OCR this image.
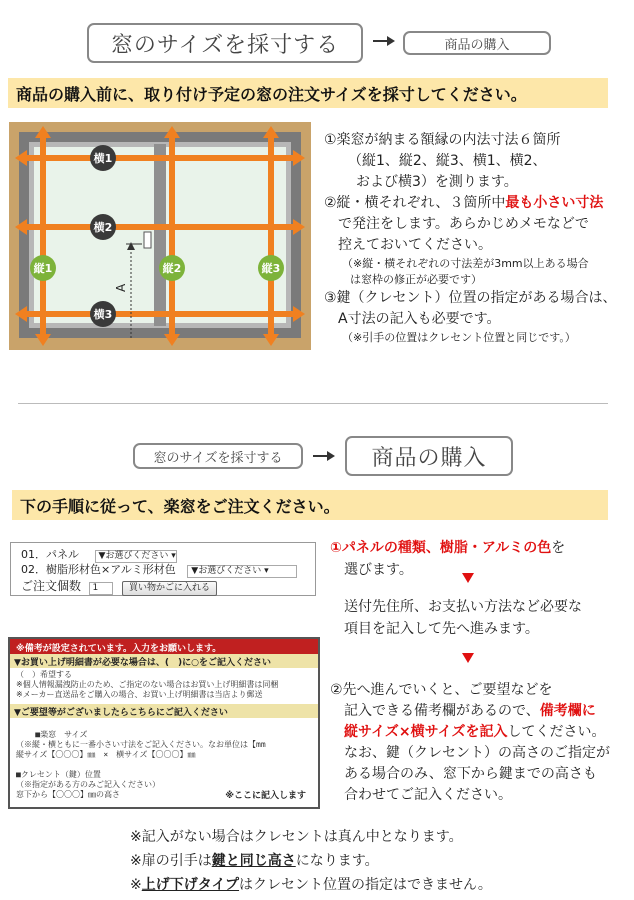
窓のサイズを採寸する	商品の購入
商品の購入前に、取り付け予定の窓の注文サイズを採寸してください。
A
横1
横2
横3
縦1	縦2	縦3
①楽窓が納まる額縁の内法寸法６箇所
（縦1、縦2、縦3、横1、横2、
および横3）を測ります。
②縦・横それぞれ、３箇所中最も小さい寸法
で発注をします。あらかじめメモなどで
控えておいてください。
（※縦・横それぞれの寸法差が3mm以上ある場合
は窓枠の修正が必要です）
③鍵（クレセント）位置の指定がある場合は、
A寸法の記入も必要です。
（※引手の位置はクレセント位置と同じです。）
窓のサイズを採寸する	商品の購入
下の手順に従って、楽窓をご注文ください。
01．パネル ▼お選びください ▾
02．樹脂形材色×アルミ形材色 ▼お選びください ▾
ご注文個数 1	買い物かごに入れる
※備考が設定されています。入力をお願いします。
▼お買い上げ明細書が必要な場合は、(　)に○をご記入ください
（　）希望する
※個人情報漏洩防止のため、ご指定のない場合はお買い上げ明細書は同梱
※メーカー直送品をご購入の場合、お買い上げ明細書は当店より郵送
▼ご要望等がございましたらこちらにご記入ください

■楽窓　サイズ
（※縦・横ともに一番小さい寸法をご記入ください。なお単位は【mm
縦サイズ【〇〇〇】㎜　×　横サイズ【〇〇〇】㎜

■クレセント（鍵）位置
（※指定がある方のみご記入ください）
窓下から【〇〇〇】㎜の高さ
	※ここに記入します
①パネルの種類、樹脂・アルミの色を
選びます。
送付先住所、お支払い方法など必要な
項目を記入して先へ進みます。
②先へ進んでいくと、ご要望などを
記入できる備考欄があるので、備考欄に
縦サイズ×横サイズを記入してください。
なお、鍵（クレセント）の高さのご指定が
ある場合のみ、窓下から鍵までの高さも
合わせてご記入ください。
※記入がない場合はクレセントは真ん中となります。
※扉の引手は鍵と同じ高さになります。
※上げ下げタイプはクレセント位置の指定はできません。
